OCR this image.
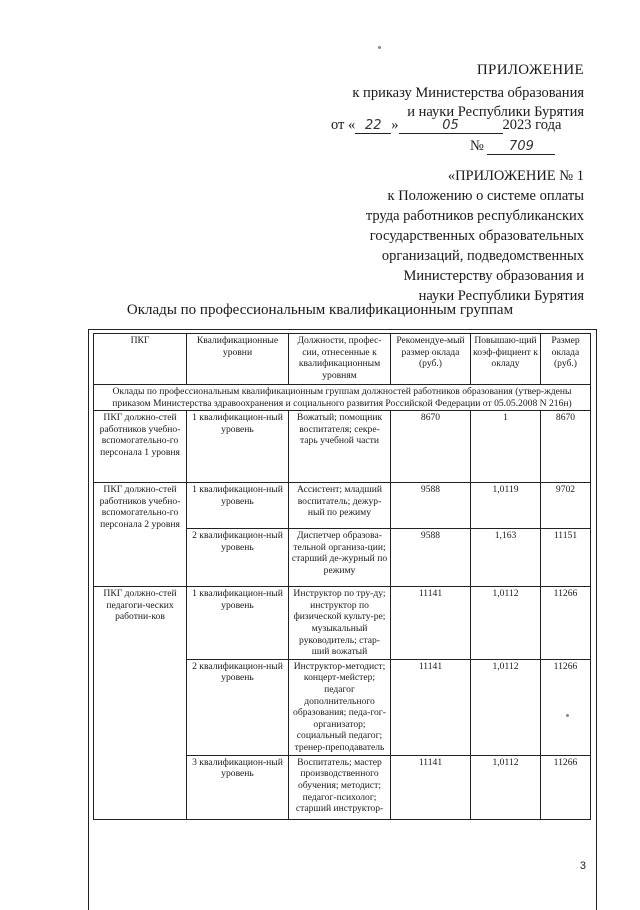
ПРИЛОЖЕНИЕ
к приказу Министерства образования
и науки Республики Бурятия
от « 22 »	05	2023 года
№ 709
«ПРИЛОЖЕНИЕ № 1
к Положению о системе оплаты
труда работников республиканских
государственных образовательных
организаций, подведомственных
Министерству образования и
науки Республики Бурятия
Оклады по профессиональным квалификационным группам
ПКГ	Квалификационные уровни	Должности, профес-сии, отнесенные к квалификационным уровням	Рекомендуе-мый размер оклада (руб.)	Повышаю-щий коэф-фициент к окладу	Размер оклада (руб.)
Оклады по профессиональным квалификационным группам должностей работников образования (утвер-ждены приказом Министерства здравоохранения и социального развития Российской Федерации от 05.05.2008 N 216н)					
ПКГ должно-стей работников учебно-вспомогательно-го персонала 1 уровня	1 квалификацион-ный уровень	Вожатый; помощник воспитателя; секре-тарь учебной части	8670	1	8670
ПКГ должно-стей работников учебно-вспомогательно-го персонала 2 уровня	1 квалификацион-ный уровень	Ассистент; младший воспитатель; дежур-ный по режиму	9588	1,0119	9702
	2 квалификацион-ный уровень	Диспетчер образова-тельной организа-ции; старший де-журный по режиму	9588	1,163	11151
ПКГ должно-стей педагоги-ческих работни-ков	1 квалификацион-ный уровень	Инструктор по тру-ду; инструктор по физической культу-ре; музыкальный руководитель; стар-ший вожатый	11141	1,0112	11266
	2 квалификацион-ный уровень	Инструктор-методист; концерт-мейстер; педагог дополнительного образования; педа-гог-организатор; социальный педагог; тренер-преподаватель	11141	1,0112	11266
	3 квалификацион-ный уровень	Воспитатель; мастер производственного обучения; методист; педагог-психолог; старший инструктор-	11141	1,0112	11266
3
